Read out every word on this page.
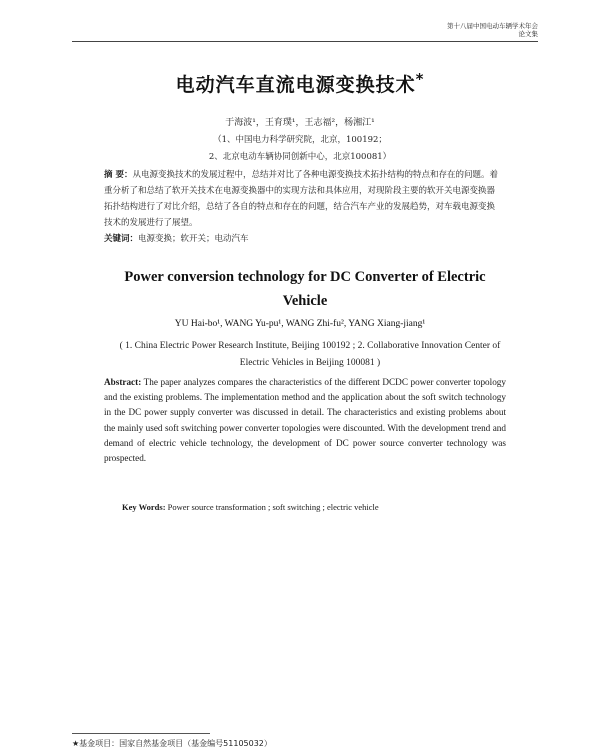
第十八届中国电动车辆学术年会
论文集
电动汽车直流电源变换技术*
于海波¹，王育璞¹，王志福²，杨湘江¹
（1、中国电力科学研究院，北京，100192；
2、北京电动车辆协同创新中心，北京100081）
摘 要：从电源变换技术的发展过程中，总结并对比了各种电源变换技术拓扑结构的特点和存在的问题。着重分析了和总结了软开关技术在电源变换器中的实现方法和具体应用，对现阶段主要的软开关电源变换器拓扑结构进行了对比介绍，总结了各自的特点和存在的问题，结合汽车产业的发展趋势，对车载电源变换技术的发展进行了展望。
关键词：电源变换；软开关；电动汽车
Power conversion technology for DC Converter of Electric Vehicle
YU Hai-bo¹, WANG Yu-pu¹, WANG Zhi-fu², YANG Xiang-jiang¹
( 1. China Electric Power Research Institute, Beijing 100192 ; 2. Collaborative Innovation Center of Electric Vehicles in Beijing 100081 )
Abstract: The paper analyzes compares the characteristics of the different DCDC power converter topology and the existing problems. The implementation method and the application about the soft switch technology in the DC power supply converter was discussed in detail. The characteristics and existing problems about the mainly used soft switching power converter topologies were discounted. With the development trend and demand of electric vehicle technology, the development of DC power source converter technology was prospected.
Key Words: Power source transformation ; soft switching ; electric vehicle
★基金项目：国家自然基金项目（基金编号51105032）
